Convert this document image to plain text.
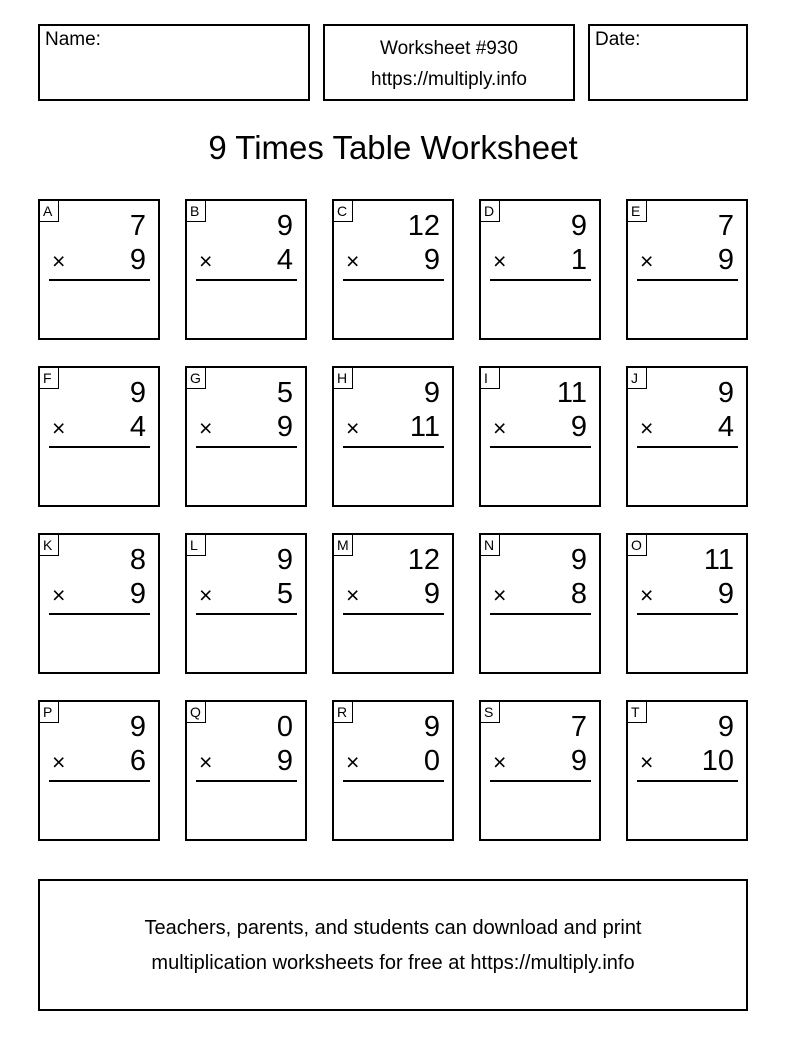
Name:	Worksheet #930
https://multiply.info
Date:
9 Times Table Worksheet
A	7
× 9
B	9
× 4
C 12
× 9
D	9
× 1
E	7
× 9
F	9
× 4
G	5
× 9
H	9
× 11
I	11
× 9
J	9
× 4
K	8
× 9
L	9
× 5
M 12
× 9
N	9
× 8
O 11
× 9
P	9
× 6
Q	0
× 9
R	9
× 0
S	7
× 9
T	9
× 10
Teachers, parents, and students can download and print
multiplication worksheets for free at https://multiply.info
